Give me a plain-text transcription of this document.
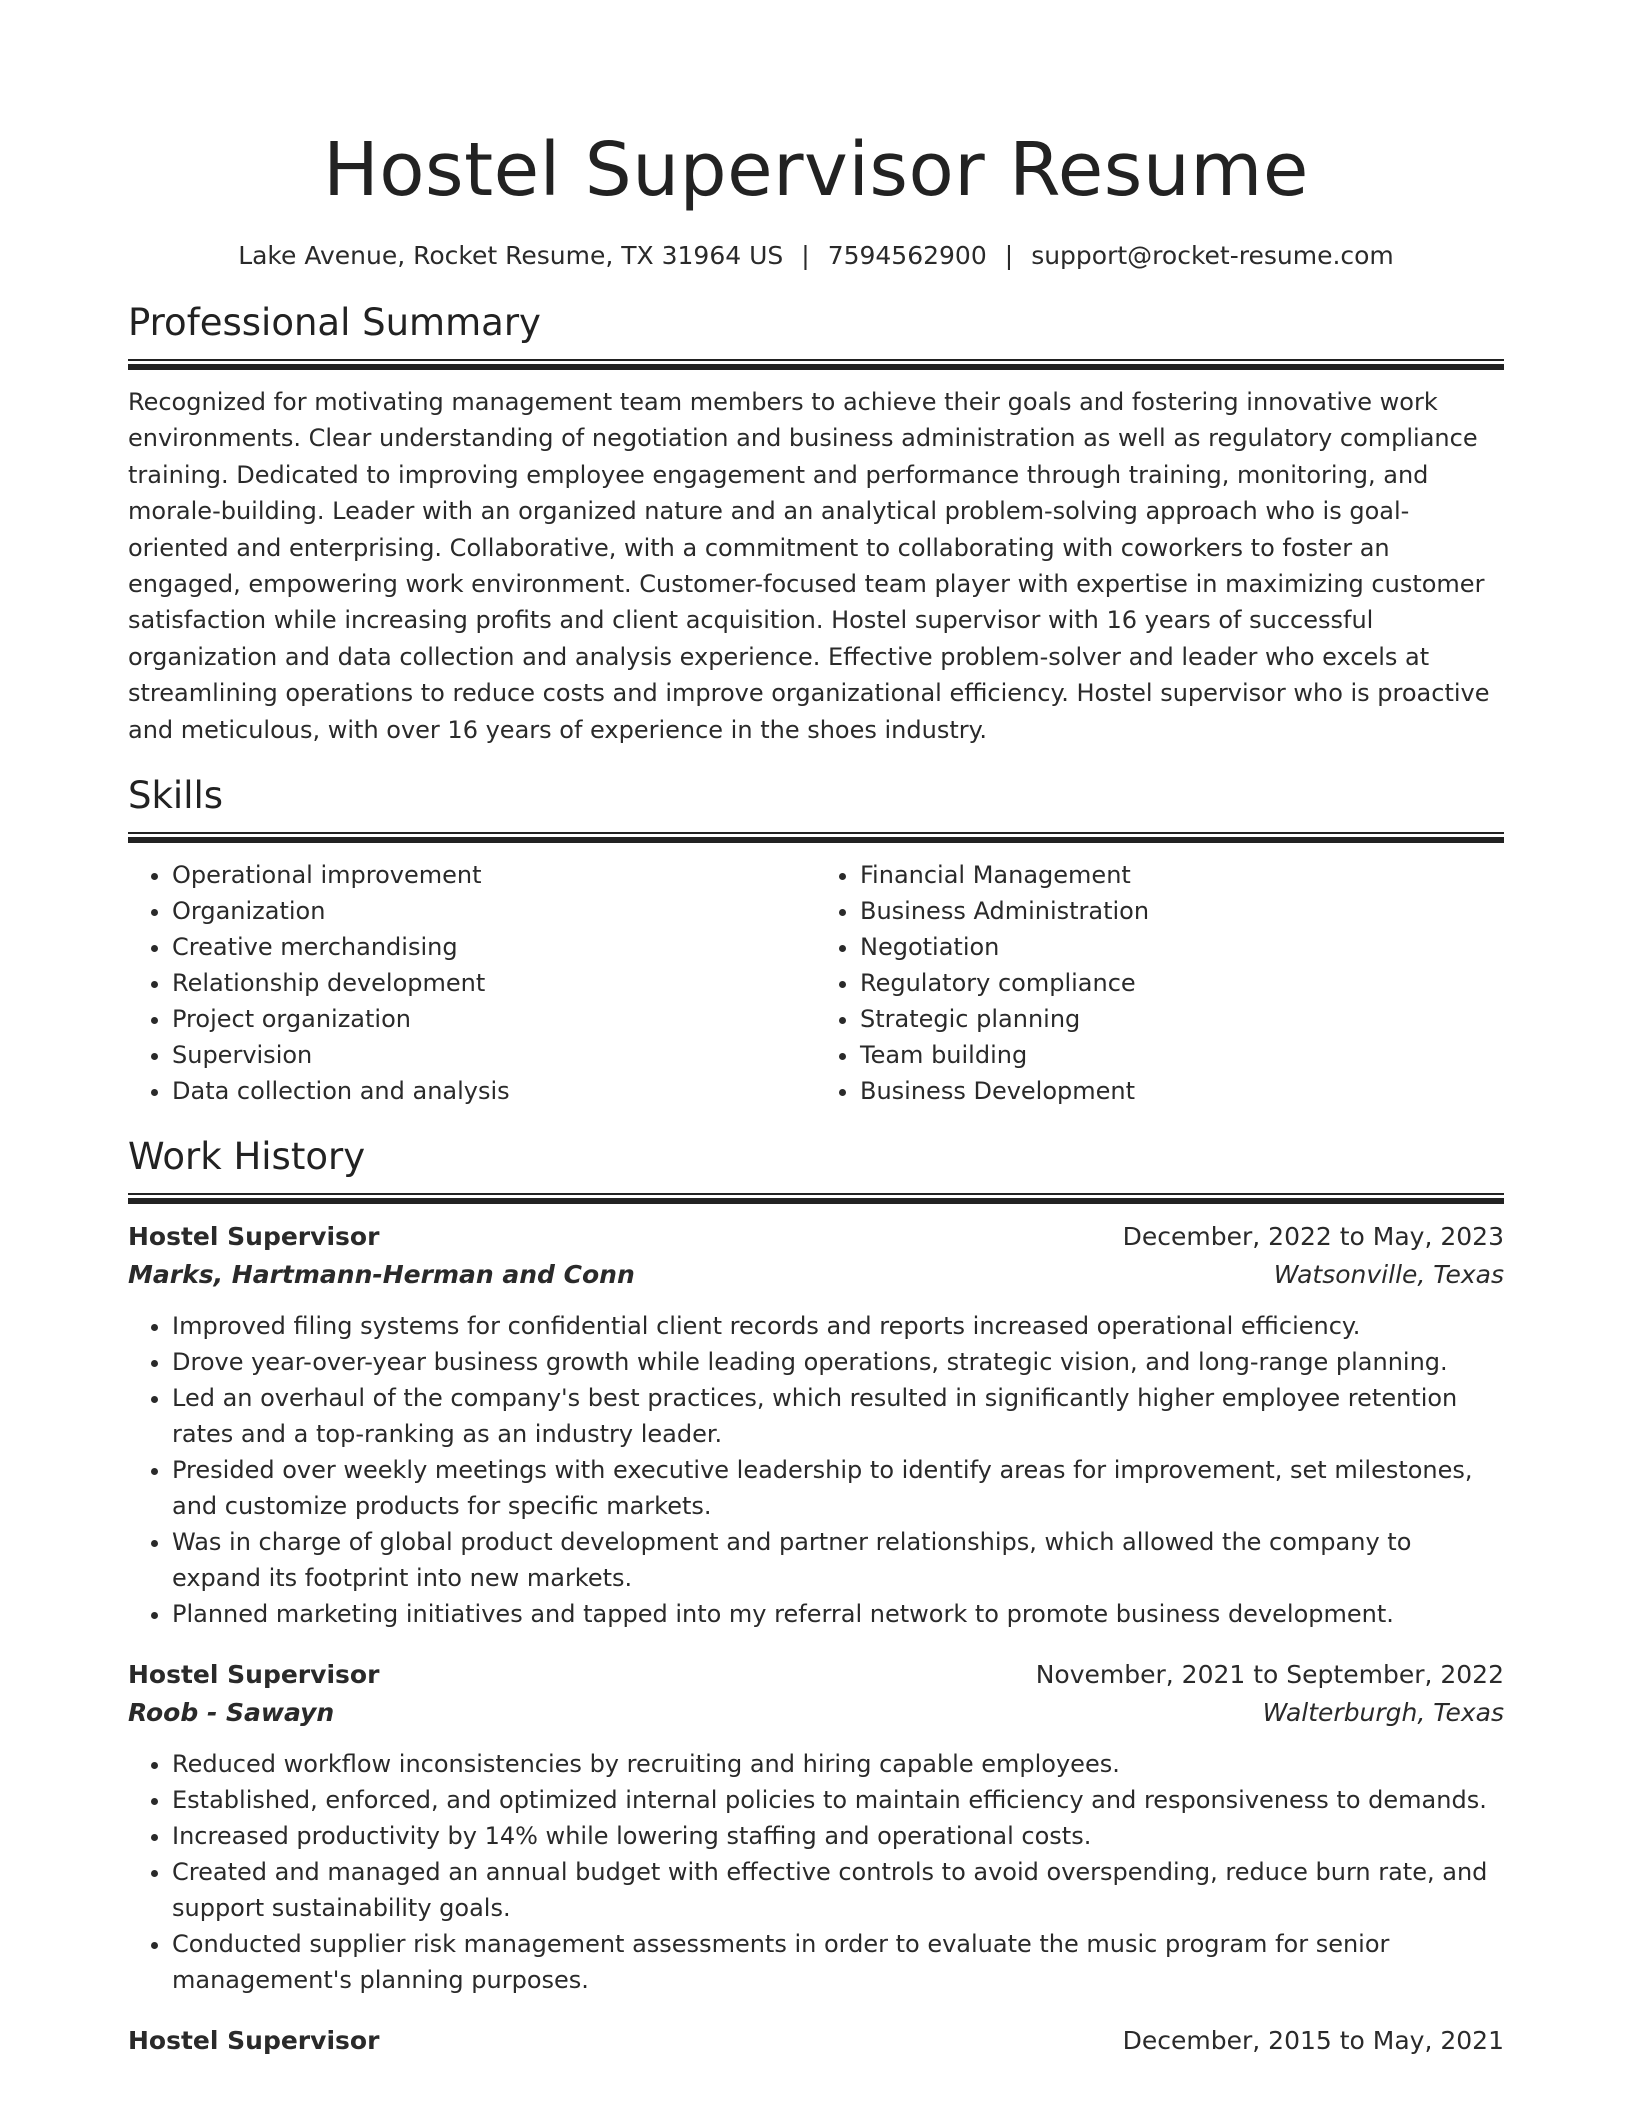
Hostel Supervisor Resume
Lake Avenue, Rocket Resume, TX 31964 US | 7594562900 | support@rocket-resume.com
Professional Summary

Recognized for motivating management team members to achieve their goals and fostering innovative work environments. Clear understanding of negotiation and business administration as well as regulatory compliance training. Dedicated to improving employee engagement and performance through training, monitoring, and morale-building. Leader with an organized nature and an analytical problem-solving approach who is goal-oriented and enterprising. Collaborative, with a commitment to collaborating with coworkers to foster an engaged, empowering work environment. Customer-focused team player with expertise in maximizing customer satisfaction while increasing profits and client acquisition. Hostel supervisor with 16 years of successful organization and data collection and analysis experience. Effective problem-solver and leader who excels at streamlining operations to reduce costs and improve organizational efficiency. Hostel supervisor who is proactive and meticulous, with over 16 years of experience in the shoes industry.

Skills
• Operational improvement
• Organization
• Creative merchandising
• Relationship development
• Project organization
• Supervision
• Data collection and analysis
• Financial Management
• Business Administration
• Negotiation
• Regulatory compliance
• Strategic planning
• Team building
• Business Development
Work History
Hostel Supervisor	December, 2022 to May, 2023
Marks, Hartmann-Herman and Conn	Watsonville, Texas
• Improved filing systems for confidential client records and reports increased operational efficiency.
• Drove year-over-year business growth while leading operations, strategic vision, and long-range planning.
• Led an overhaul of the company's best practices, which resulted in significantly higher employee retention rates and a top-ranking as an industry leader.
• Presided over weekly meetings with executive leadership to identify areas for improvement, set milestones, and customize products for specific markets.
• Was in charge of global product development and partner relationships, which allowed the company to expand its footprint into new markets.
• Planned marketing initiatives and tapped into my referral network to promote business development.
Hostel Supervisor	November, 2021 to September, 2022
Roob - Sawayn	Walterburgh, Texas
• Reduced workflow inconsistencies by recruiting and hiring capable employees.
• Established, enforced, and optimized internal policies to maintain efficiency and responsiveness to demands.
• Increased productivity by 14% while lowering staffing and operational costs.
• Created and managed an annual budget with effective controls to avoid overspending, reduce burn rate, and support sustainability goals.
• Conducted supplier risk management assessments in order to evaluate the music program for senior management's planning purposes.
Hostel Supervisor	December, 2015 to May, 2021
